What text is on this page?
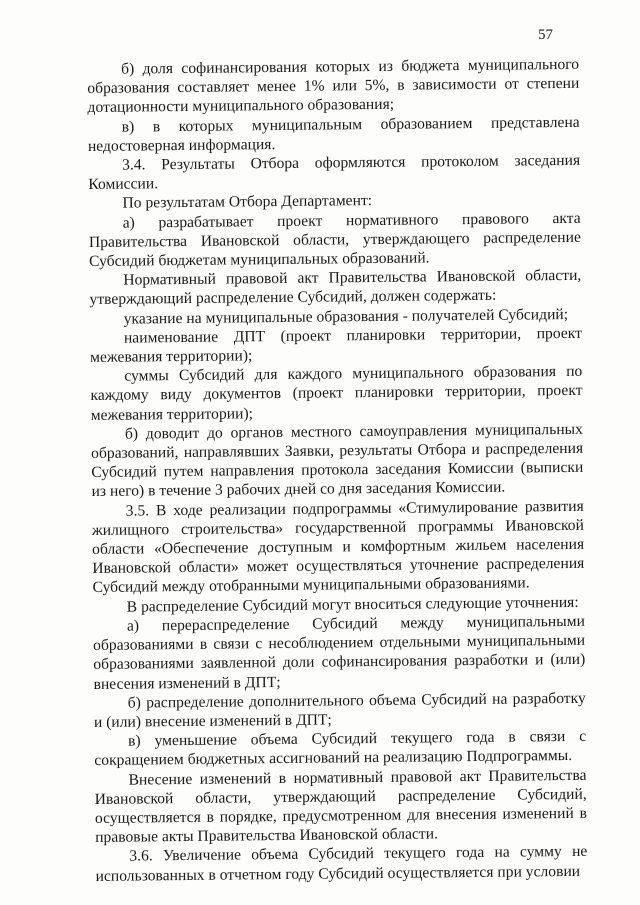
57

б) доля софинансирования которых из бюджета муниципального образования составляет менее 1% или 5%, в зависимости от степени дотационности муниципального образования;

в) в которых муниципальным образованием представлена недостоверная информация.

3.4. Результаты Отбора оформляются протоколом заседания Комиссии.

По результатам Отбора Департамент:

а) разрабатывает проект нормативного правового акта Правительства Ивановской области, утверждающего распределение Субсидий бюджетам муниципальных образований.

Нормативный правовой акт Правительства Ивановской области, утверждающий распределение Субсидий, должен содержать:

указание на муниципальные образования - получателей Субсидий;

наименование ДПТ (проект планировки территории, проект межевания территории);

суммы Субсидий для каждого муниципального образования по каждому виду документов (проект планировки территории, проект межевания территории);

б) доводит до органов местного самоуправления муниципальных образований, направлявших Заявки, результаты Отбора и распределения Субсидий путем направления протокола заседания Комиссии (выписки из него) в течение 3 рабочих дней со дня заседания Комиссии.

3.5. В ходе реализации подпрограммы «Стимулирование развития жилищного строительства» государственной программы Ивановской области «Обеспечение доступным и комфортным жильем населения Ивановской области» может осуществляться уточнение распределения Субсидий между отобранными муниципальными образованиями.

В распределение Субсидий могут вноситься следующие уточнения:

а) перераспределение Субсидий между муниципальными образованиями в связи с несоблюдением отдельными муниципальными образованиями заявленной доли софинансирования разработки и (или) внесения изменений в ДПТ;

б) распределение дополнительного объема Субсидий на разработку и (или) внесение изменений в ДПТ;

в) уменьшение объема Субсидий текущего года в связи с сокращением бюджетных ассигнований на реализацию Подпрограммы.

Внесение изменений в нормативный правовой акт Правительства Ивановской области, утверждающий распределение Субсидий, осуществляется в порядке, предусмотренном для внесения изменений в правовые акты Правительства Ивановской области.

3.6. Увеличение объема Субсидий текущего года на сумму не использованных в отчетном году Субсидий осуществляется при условии
